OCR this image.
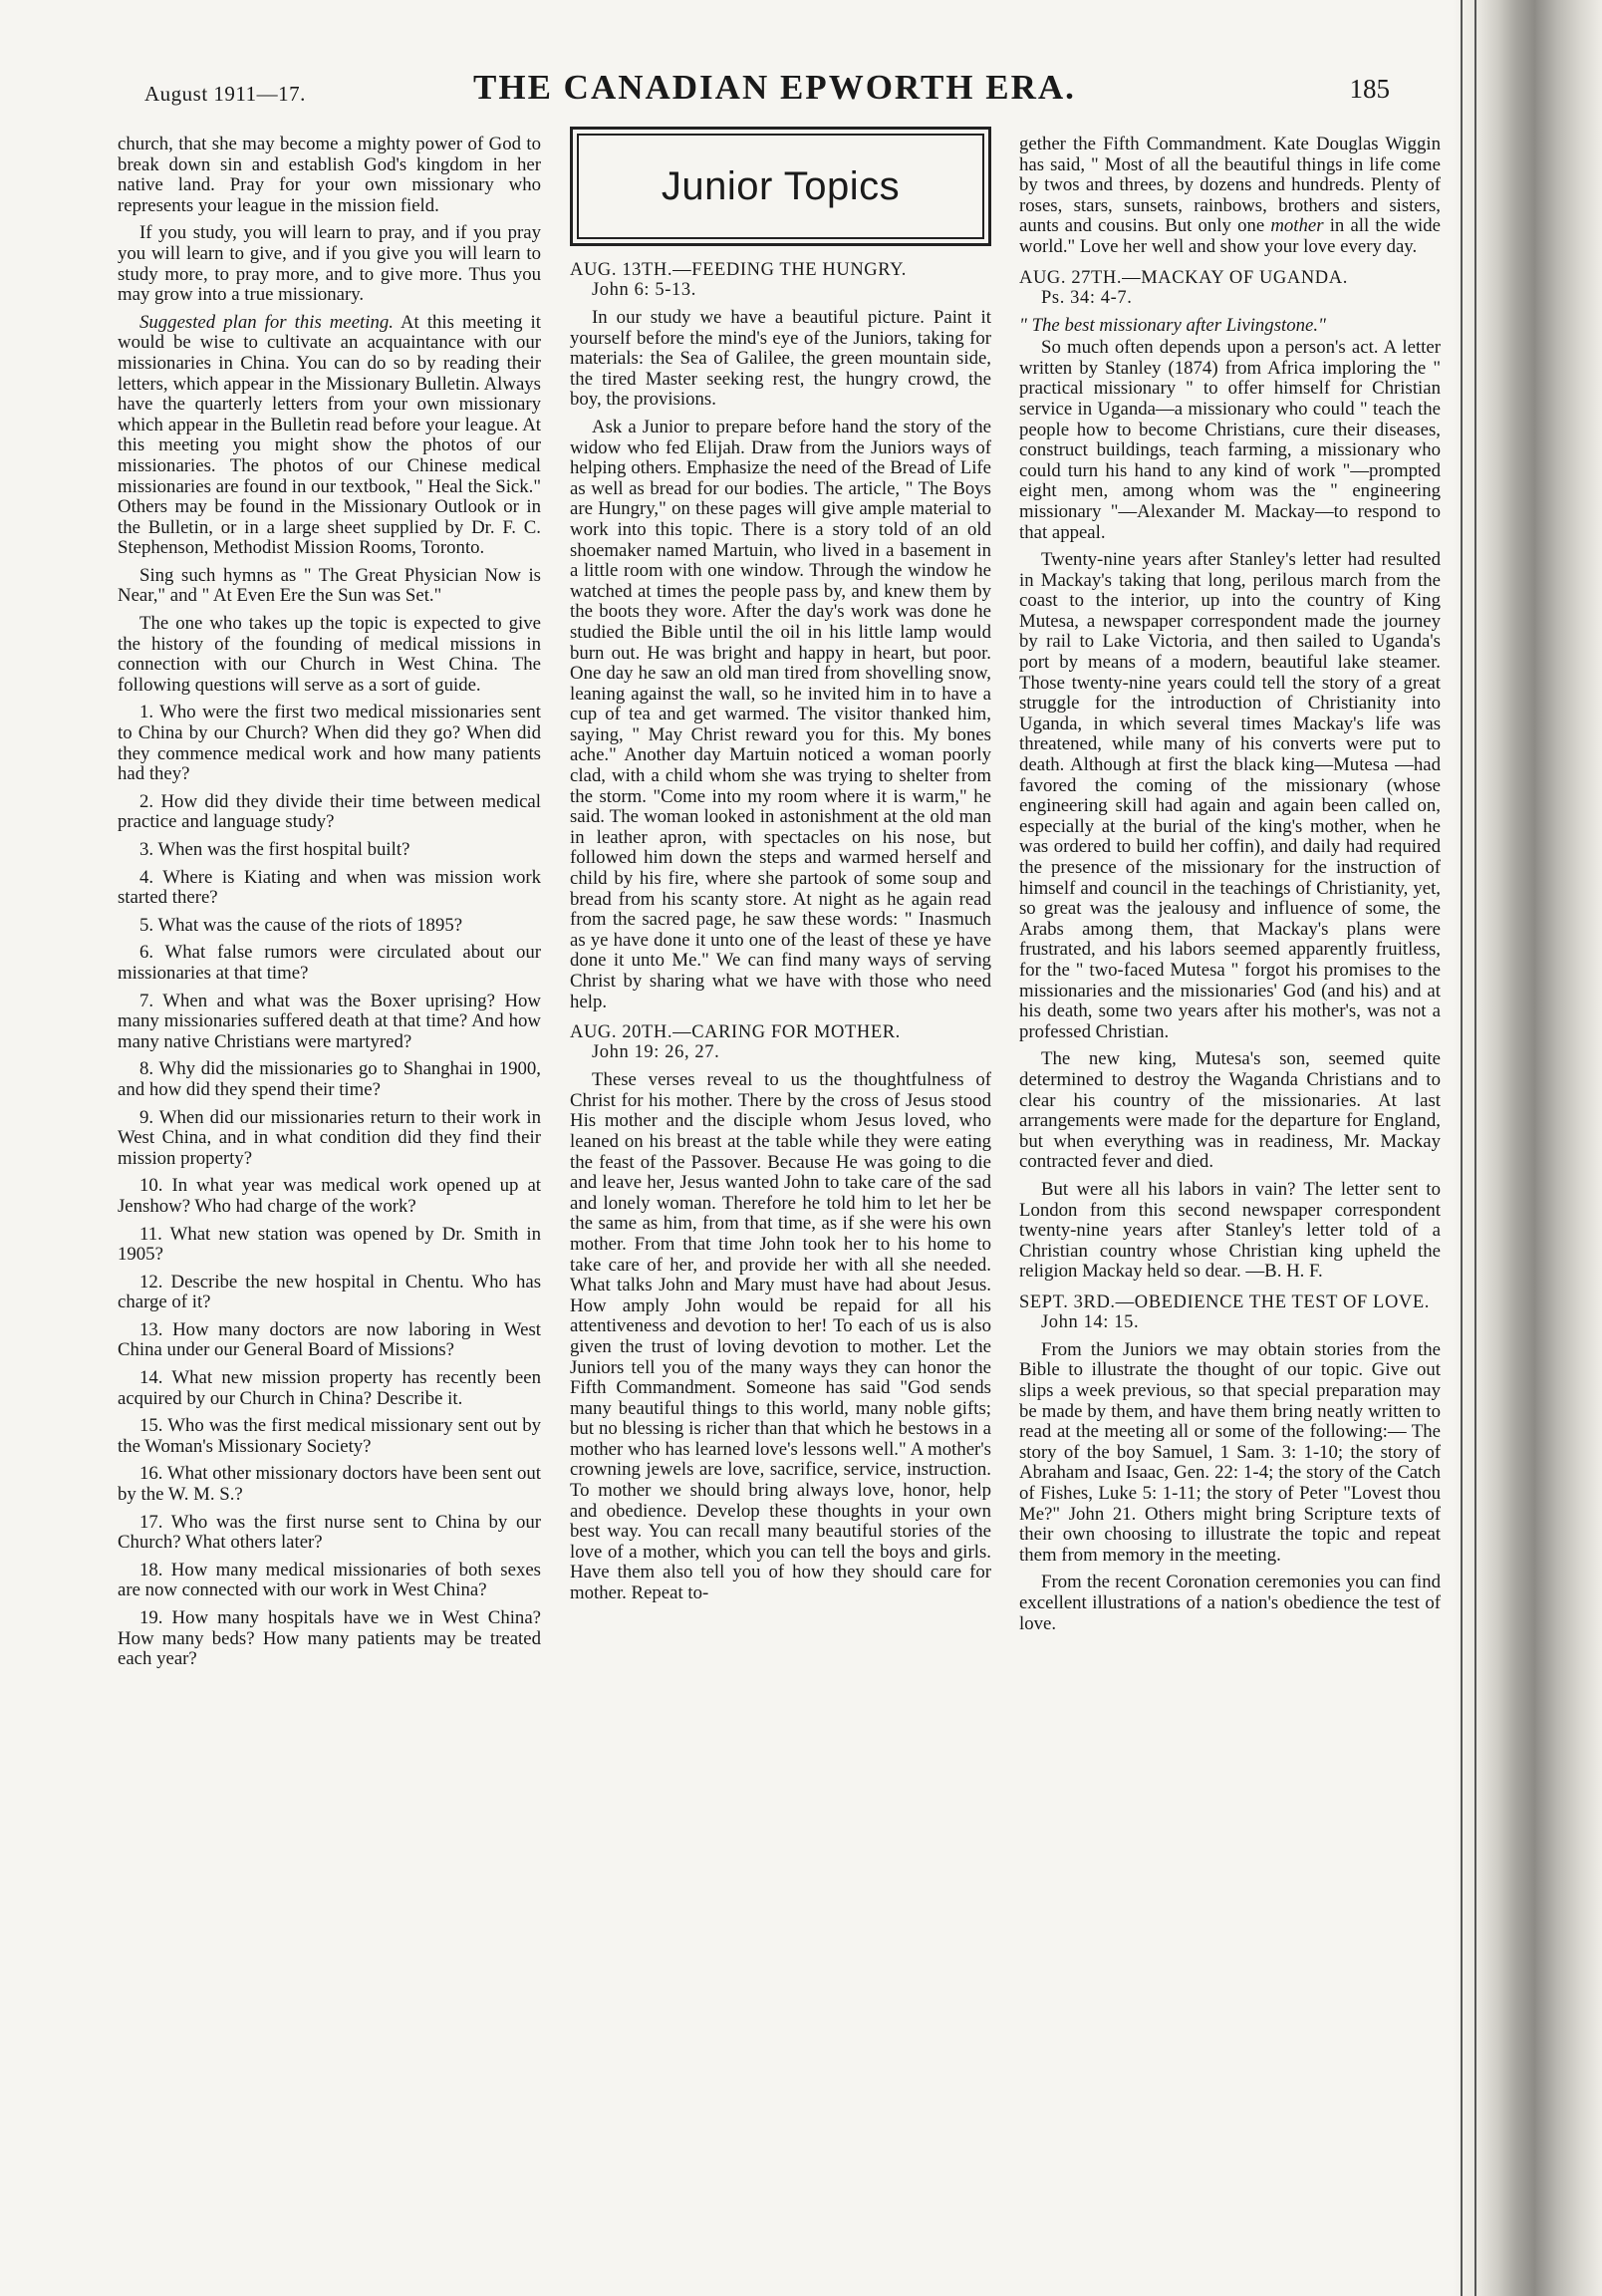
August 1911—17.	THE CANADIAN EPWORTH ERA.	185

church, that she may become a mighty power of God to break down sin and establish God's kingdom in her native land. Pray for your own missionary who represents your league in the mission field.

If you study, you will learn to pray, and if you pray you will learn to give, and if you give you will learn to study more, to pray more, and to give more. Thus you may grow into a true missionary.

Suggested plan for this meeting. At this meeting it would be wise to cultivate an acquaintance with our missionaries in China. You can do so by reading their letters, which appear in the Missionary Bulletin. Always have the quarterly letters from your own missionary which appear in the Bulletin read before your league. At this meeting you might show the photos of our missionaries. The photos of our Chinese medical missionaries are found in our textbook, " Heal the Sick." Others may be found in the Missionary Outlook or in the Bulletin, or in a large sheet supplied by Dr. F. C. Stephenson, Methodist Mission Rooms, Toronto.

Sing such hymns as " The Great Physician Now is Near," and " At Even Ere the Sun was Set."

The one who takes up the topic is expected to give the history of the founding of medical missions in connection with our Church in West China. The following questions will serve as a sort of guide.

1. Who were the first two medical missionaries sent to China by our Church? When did they go? When did they commence medical work and how many patients had they?
2. How did they divide their time between medical practice and language study?
3. When was the first hospital built?
4. Where is Kiating and when was mission work started there?
5. What was the cause of the riots of 1895?
6. What false rumors were circulated about our missionaries at that time?
7. When and what was the Boxer uprising? How many missionaries suffered death at that time? And how many native Christians were martyred?
8. Why did the missionaries go to Shanghai in 1900, and how did they spend their time?
9. When did our missionaries return to their work in West China, and in what condition did they find their mission property?
10. In what year was medical work opened up at Jenshow? Who had charge of the work?
11. What new station was opened by Dr. Smith in 1905?
12. Describe the new hospital in Chentu. Who has charge of it?
13. How many doctors are now laboring in West China under our General Board of Missions?
14. What new mission property has recently been acquired by our Church in China? Describe it.
15. Who was the first medical missionary sent out by the Woman's Missionary Society?
16. What other missionary doctors have been sent out by the W. M. S.?
17. Who was the first nurse sent to China by our Church? What others later?
18. How many medical missionaries of both sexes are now connected with our work in West China?
19. How many hospitals have we in West China? How many beds? How many patients may be treated each year?
Junior Topics
AUG. 13TH.—FEEDING THE HUNGRY.
John 6: 5-13.

In our study we have a beautiful picture. Paint it yourself before the mind's eye of the Juniors, taking for materials: the Sea of Galilee, the green mountain side, the tired Master seeking rest, the hungry crowd, the boy, the provisions.

Ask a Junior to prepare before hand the story of the widow who fed Elijah. Draw from the Juniors ways of helping others. Emphasize the need of the Bread of Life as well as bread for our bodies. The article, " The Boys are Hungry," on these pages will give ample material to work into this topic. There is a story told of an old shoemaker named Martuin, who lived in a basement in a little room with one window. Through the window he watched at times the people pass by, and knew them by the boots they wore. After the day's work was done he studied the Bible until the oil in his little lamp would burn out. He was bright and happy in heart, but poor. One day he saw an old man tired from shovelling snow, leaning against the wall, so he invited him in to have a cup of tea and get warmed. The visitor thanked him, saying, " May Christ reward you for this. My bones ache." Another day Martuin noticed a woman poorly clad, with a child whom she was trying to shelter from the storm. "Come into my room where it is warm," he said. The woman looked in astonishment at the old man in leather apron, with spectacles on his nose, but followed him down the steps and warmed herself and child by his fire, where she partook of some soup and bread from his scanty store. At night as he again read from the sacred page, he saw these words: " Inasmuch as ye have done it unto one of the least of these ye have done it unto Me." We can find many ways of serving Christ by sharing what we have with those who need help.

AUG. 20TH.—CARING FOR MOTHER.
John 19: 26, 27.

These verses reveal to us the thoughtfulness of Christ for his mother. There by the cross of Jesus stood His mother and the disciple whom Jesus loved, who leaned on his breast at the table while they were eating the feast of the Passover. Because He was going to die and leave her, Jesus wanted John to take care of the sad and lonely woman. Therefore he told him to let her be the same as him, from that time, as if she were his own mother. From that time John took her to his home to take care of her, and provide her with all she needed. What talks John and Mary must have had about Jesus. How amply John would be repaid for all his attentiveness and devotion to her! To each of us is also given the trust of loving devotion to mother. Let the Juniors tell you of the many ways they can honor the Fifth Commandment. Someone has said "God sends many beautiful things to this world, many noble gifts; but no blessing is richer than that which he bestows in a mother who has learned love's lessons well." A mother's crowning jewels are love, sacrifice, service, instruction. To mother we should bring always love, honor, help and obedience. Develop these thoughts in your own best way. You can recall many beautiful stories of the love of a mother, which you can tell the boys and girls. Have them also tell you of how they should care for mother. Repeat to-

gether the Fifth Commandment. Kate Douglas Wiggin has said, " Most of all the beautiful things in life come by twos and threes, by dozens and hundreds. Plenty of roses, stars, sunsets, rainbows, brothers and sisters, aunts and cousins. But only one mother in all the wide world." Love her well and show your love every day.

AUG. 27TH.—MACKAY OF UGANDA.
Ps. 34: 4-7.
" The best missionary after Livingstone."

So much often depends upon a person's act. A letter written by Stanley (1874) from Africa imploring the " practical missionary " to offer himself for Christian service in Uganda—a missionary who could " teach the people how to become Christians, cure their diseases, construct buildings, teach farming, a missionary who could turn his hand to any kind of work "—prompted eight men, among whom was the " engineering missionary "—Alexander M. Mackay—to respond to that appeal.

Twenty-nine years after Stanley's letter had resulted in Mackay's taking that long, perilous march from the coast to the interior, up into the country of King Mutesa, a newspaper correspondent made the journey by rail to Lake Victoria, and then sailed to Uganda's port by means of a modern, beautiful lake steamer. Those twenty-nine years could tell the story of a great struggle for the introduction of Christianity into Uganda, in which several times Mackay's life was threatened, while many of his converts were put to death. Although at first the black king—Mutesa —had favored the coming of the missionary (whose engineering skill had again and again been called on, especially at the burial of the king's mother, when he was ordered to build her coffin), and daily had required the presence of the missionary for the instruction of himself and council in the teachings of Christianity, yet, so great was the jealousy and influence of some, the Arabs among them, that Mackay's plans were frustrated, and his labors seemed apparently fruitless, for the " two-faced Mutesa " forgot his promises to the missionaries and the missionaries' God (and his) and at his death, some two years after his mother's, was not a professed Christian.

The new king, Mutesa's son, seemed quite determined to destroy the Waganda Christians and to clear his country of the missionaries. At last arrangements were made for the departure for England, but when everything was in readiness, Mr. Mackay contracted fever and died.

But were all his labors in vain? The letter sent to London from this second newspaper correspondent twenty-nine years after Stanley's letter told of a Christian country whose Christian king upheld the religion Mackay held so dear. —B. H. F.

SEPT. 3RD.—OBEDIENCE THE TEST OF LOVE.
John 14: 15.

From the Juniors we may obtain stories from the Bible to illustrate the thought of our topic. Give out slips a week previous, so that special preparation may be made by them, and have them bring neatly written to read at the meeting all or some of the following:— The story of the boy Samuel, 1 Sam. 3: 1-10; the story of Abraham and Isaac, Gen. 22: 1-4; the story of the Catch of Fishes, Luke 5: 1-11; the story of Peter "Lovest thou Me?" John 21. Others might bring Scripture texts of their own choosing to illustrate the topic and repeat them from memory in the meeting.

From the recent Coronation ceremonies you can find excellent illustrations of a nation's obedience the test of love.
